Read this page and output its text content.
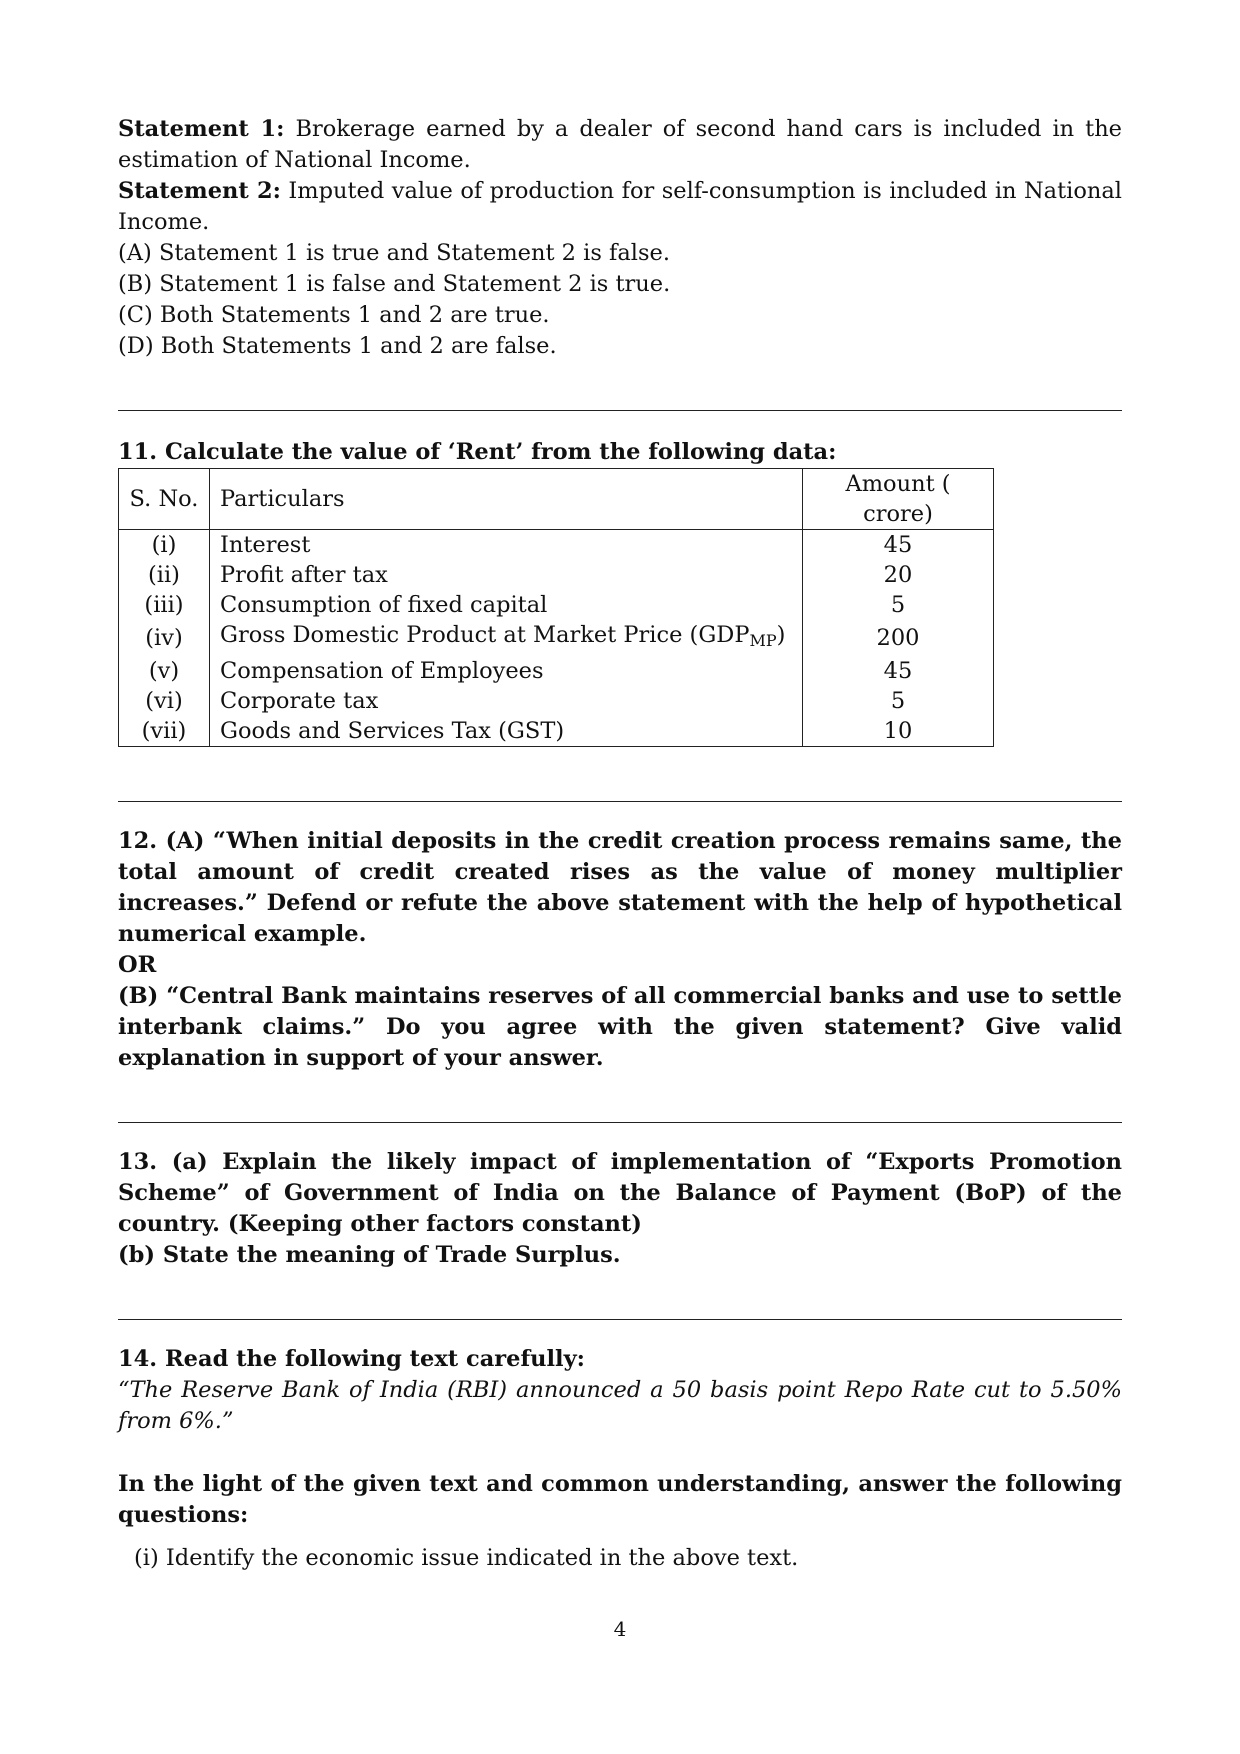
Statement 1: Brokerage earned by a dealer of second hand cars is included in the estimation of National Income.

Statement 2: Imputed value of production for self-consumption is included in National Income.

(A) Statement 1 is true and Statement 2 is false.

(B) Statement 1 is false and Statement 2 is true.

(C) Both Statements 1 and 2 are true.

(D) Both Statements 1 and 2 are false.

11. Calculate the value of ‘Rent’ from the following data:

S. No.	Particulars	Amount ( crore)
(i)	Interest	45
(ii)	Profit after tax	20
(iii)	Consumption of fixed capital	5
(iv)	Gross Domestic Product at Market Price $(GDP_{MP})$	200
(v)	Compensation of Employees	45
(vi)	Corporate tax	5
(vii)	Goods and Services Tax (GST)	10

12. (A) “When initial deposits in the credit creation process remains same, the total amount of credit created rises as the value of money multiplier increases.” Defend or refute the above statement with the help of hypothetical numerical example.

OR

(B) “Central Bank maintains reserves of all commercial banks and use to settle interbank claims.” Do you agree with the given statement? Give valid explanation in support of your answer.

13. (a) Explain the likely impact of implementation of “Exports Promotion Scheme” of Government of India on the Balance of Payment (BoP) of the country. (Keeping other factors constant)

(b) State the meaning of Trade Surplus.

14. Read the following text carefully:

“The Reserve Bank of India (RBI) announced a 50 basis point Repo Rate cut to 5.50% from 6%.”

In the light of the given text and common understanding, answer the following questions:

(i) Identify the economic issue indicated in the above text.

4
